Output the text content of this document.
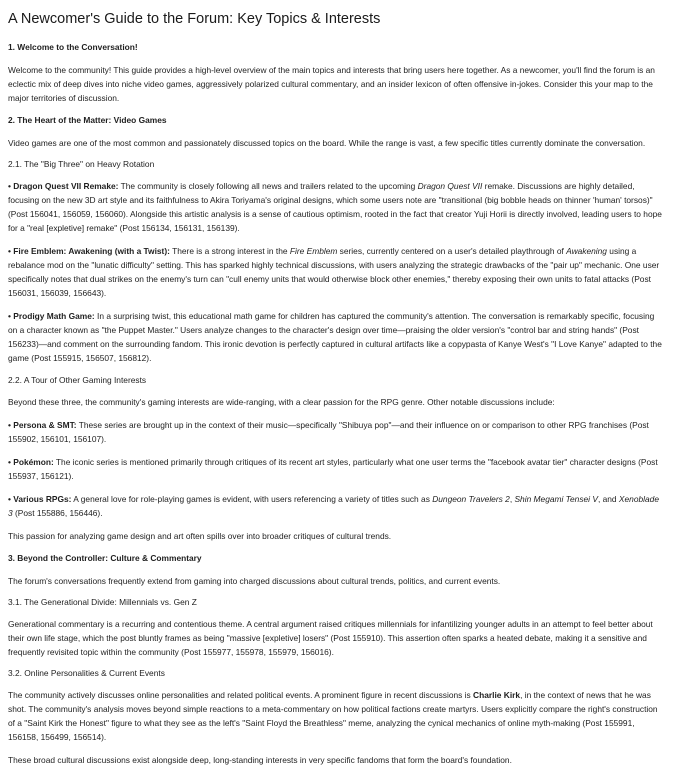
A Newcomer's Guide to the Forum: Key Topics & Interests
1. Welcome to the Conversation!

Welcome to the community! This guide provides a high-level overview of the main topics and interests that bring users here together. As a newcomer, you'll find the forum is an eclectic mix of deep dives into niche video games, aggressively polarized cultural commentary, and an insider lexicon of often offensive in-jokes. Consider this your map to the major territories of discussion.

2. The Heart of the Matter: Video Games

Video games are one of the most common and passionately discussed topics on the board. While the range is vast, a few specific titles currently dominate the conversation.

2.1. The "Big Three" on Heavy Rotation

• Dragon Quest VII Remake: The community is closely following all news and trailers related to the upcoming Dragon Quest VII remake. Discussions are highly detailed, focusing on the new 3D art style and its faithfulness to Akira Toriyama's original designs, which some users note are "transitional (big bobble heads on thinner 'human' torsos)" (Post 156041, 156059, 156060). Alongside this artistic analysis is a sense of cautious optimism, rooted in the fact that creator Yuji Horii is directly involved, leading users to hope for a "real [expletive] remake" (Post 156134, 156131, 156139).

• Fire Emblem: Awakening (with a Twist): There is a strong interest in the Fire Emblem series, currently centered on a user's detailed playthrough of Awakening using a rebalance mod on the "lunatic difficulty" setting. This has sparked highly technical discussions, with users analyzing the strategic drawbacks of the "pair up" mechanic. One user specifically notes that dual strikes on the enemy's turn can "cull enemy units that would otherwise block other enemies," thereby exposing their own units to fatal attacks (Post 156031, 156039, 156643).

• Prodigy Math Game: In a surprising twist, this educational math game for children has captured the community's attention. The conversation is remarkably specific, focusing on a character known as "the Puppet Master." Users analyze changes to the character's design over time—praising the older version's "control bar and string hands" (Post 156233)—and comment on the surrounding fandom. This ironic devotion is perfectly captured in cultural artifacts like a copypasta of Kanye West's "I Love Kanye" adapted to the game (Post 155915, 156507, 156812).

2.2. A Tour of Other Gaming Interests

Beyond these three, the community's gaming interests are wide-ranging, with a clear passion for the RPG genre. Other notable discussions include:

• Persona & SMT: These series are brought up in the context of their music—specifically "Shibuya pop"—and their influence on or comparison to other RPG franchises (Post 155902, 156101, 156107).

• Pokémon: The iconic series is mentioned primarily through critiques of its recent art styles, particularly what one user terms the "facebook avatar tier" character designs (Post 155937, 156121).

• Various RPGs: A general love for role-playing games is evident, with users referencing a variety of titles such as Dungeon Travelers 2, Shin Megami Tensei V, and Xenoblade 3 (Post 155886, 156446).

This passion for analyzing game design and art often spills over into broader critiques of cultural trends.

3. Beyond the Controller: Culture & Commentary

The forum's conversations frequently extend from gaming into charged discussions about cultural trends, politics, and current events.

3.1. The Generational Divide: Millennials vs. Gen Z

Generational commentary is a recurring and contentious theme. A central argument raised critiques millennials for infantilizing younger adults in an attempt to feel better about their own life stage, which the post bluntly frames as being "massive [expletive] losers" (Post 155910). This assertion often sparks a heated debate, making it a sensitive and frequently revisited topic within the community (Post 155977, 155978, 155979, 156016).

3.2. Online Personalities & Current Events

The community actively discusses online personalities and related political events. A prominent figure in recent discussions is Charlie Kirk, in the context of news that he was shot. The community's analysis moves beyond simple reactions to a meta-commentary on how political factions create martyrs. Users explicitly compare the right's construction of a "Saint Kirk the Honest" figure to what they see as the left's "Saint Floyd the Breathless" meme, analyzing the cynical mechanics of online myth-making (Post 155991, 156158, 156499, 156514).

These broad cultural discussions exist alongside deep, long-standing interests in very specific fandoms that form the board's foundation.
